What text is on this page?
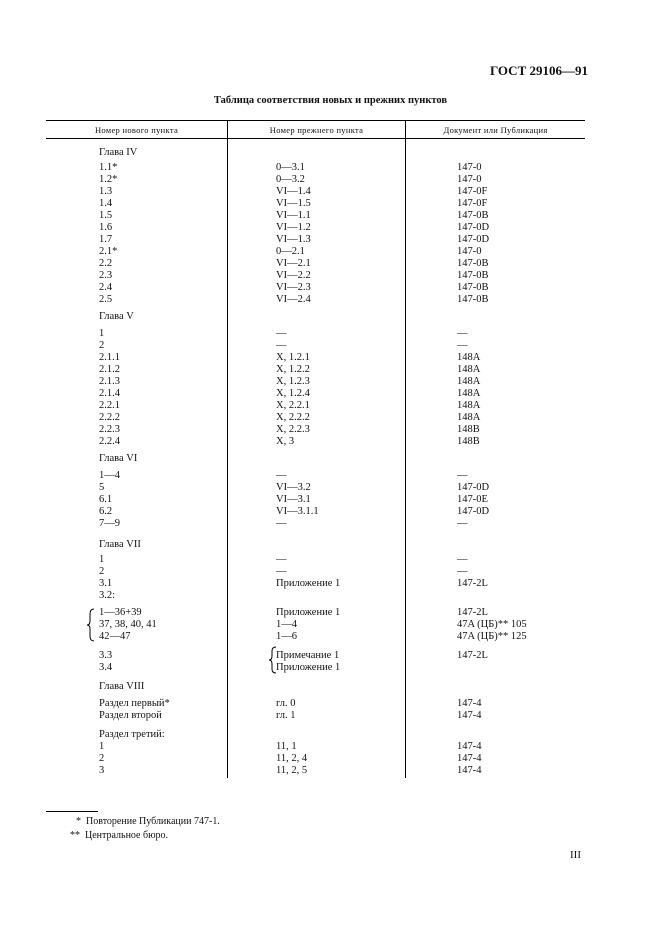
ГОСТ 29106—91
Таблица соответствия новых и прежних пунктов
Номер нового пункта	Номер прежнего пункта	Документ или Публикация
Глава IV
1.1*	0—3.1	147-0
1.2*	0—3.2	147-0
1.3	VI—1.4	147-0F
1.4	VI—1.5	147-0F
1.5	VI—1.1	147-0B
1.6	VI—1.2	147-0D
1.7	VI—1.3	147-0D
2.1*	0—2.1	147-0
2.2	VI—2.1	147-0B
2.3	VI—2.2	147-0B
2.4	VI—2.3	147-0B
2.5	VI—2.4	147-0B
Глава V
1	—	—
2	—	—
2.1.1	X, 1.2.1	148A
2.1.2	X, 1.2.2	148A
2.1.3	X, 1.2.3	148A
2.1.4	X, 1.2.4	148A
2.2.1	X, 2.2.1	148A
2.2.2	X, 2.2.2	148A
2.2.3	X, 2.2.3	148B
2.2.4	X, 3	148B
Глава VI
1—4	—	—
5	VI—3.2	147-0D
6.1	VI—3.1	147-0E
6.2	VI—3.1.1	147-0D
7—9	—	—
Глава VII
1	—	—
2	—	—
3.1	Приложение 1	147-2L
3.2:
1—36+39	Приложение 1	147-2L
37, 38, 40, 41	1—4	47A (ЦБ)** 105
42—47	1—6	47A (ЦБ)** 125
3.3	Примечание 1	147-2L
3.4	Приложение 1
Глава VIII
Раздел первый*	гл. 0	147-4
Раздел второй	гл. 1	147-4
Раздел третий:
1	11, 1	147-4
2	11, 2, 4	147-4
3	11, 2, 5	147-4
* Повторение Публикации 747-1.
** Центральное бюро.
III
